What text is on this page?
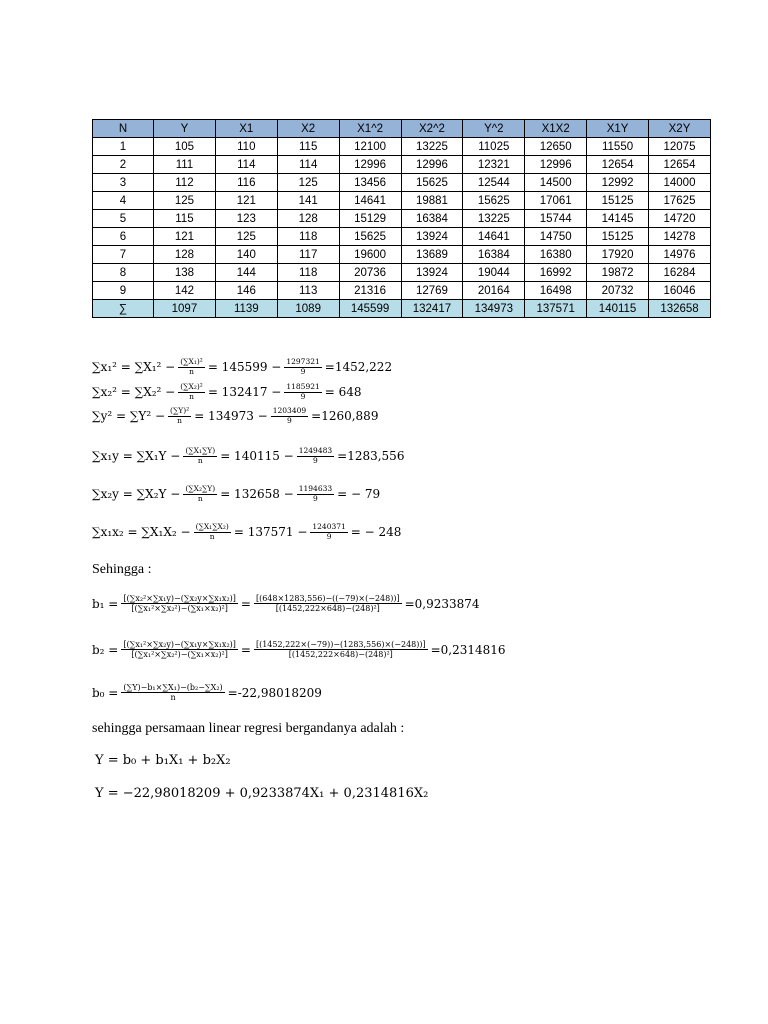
N	Y	X1	X2	X1^2	X2^2	Y^2	X1X2	X1Y	X2Y
1	105	110	115	12100	13225	11025	12650	11550	12075
2	111	114	114	12996	12996	12321	12996	12654	12654
3	112	116	125	13456	15625	12544	14500	12992	14000
4	125	121	141	14641	19881	15625	17061	15125	17625
5	115	123	128	15129	16384	13225	15744	14145	14720
6	121	125	118	15625	13924	14641	14750	15125	14278
7	128	140	117	19600	13689	16384	16380	17920	14976
8	138	144	118	20736	13924	19044	16992	19872	16284
9	142	146	113	21316	12769	20164	16498	20732	16046
∑	1097	1139	1089	145599	132417	134973	137571	140115	132658
$\sum x_1^2 = \sum X_1^2 - \frac{\text{(∑X₁)²}}{n} = 145599 - \frac{1297321}{9} =1452,222$
$\sum x_2^2 = \sum X_2^2 - \frac{\text{(∑X₂)²}}{n} = 132417 - \frac{1185921}{9} = 648$
$\sum y^2 = \sum Y^2 - \frac{\text{(∑Y)²}}{n} = 134973 - \frac{1203409}{9} =1260,889$
$\sum x_1y = \sum X_1Y - \frac{\text{(∑X₁∑Y)}}{n} = 140115 - \frac{1249483}{9} =1283,556$
$\sum x_2y = \sum X_2Y - \frac{\text{(∑X₂∑Y)}}{n} = 132658 - \frac{1194633}{9}$ = − 79
$\sum x_1x_2 = \sum X_1X_2 - \frac{\text{(∑X₁∑X₂)}}{n} = 137571 - \frac{1240371}{9}$ = − 248
Sehingga :
$b_1 = \frac{\text{[(∑x₂²×∑x₁y)−(∑x₂y×∑x₁x₂)]}}{\text{[(∑x₁²×∑x₂²)−(∑x₁×x₂)²]}} = \frac{[(648\times 1283,556)-((-79)\times(-248))]}{\text{[(1452,222×648)−(248)²]}} =0,9233874$
$b_2 = \frac{\text{[(∑x₁²×∑x₂y)−(∑x₁y×∑x₁x₂)]}}{\text{[(∑x₁²×∑x₂²)−(∑x₁×x₂)²]}} = \frac{[(1452,222\times(-79))-(1283,556)\times(-248))]}{\text{[(1452,222×648)−(248)²]}} =0,2314816$
$b_0 = \frac{\text{(∑Y)−b₁×∑X₁)−(b₂−∑X₂)}}{n} =-22,98018209$
sehingga persamaan linear regresi bergandanya adalah :
Y = b₀ + b₁X₁ + b₂X₂
Y = −22,98018209 + 0,9233874X₁ + 0,2314816X₂
